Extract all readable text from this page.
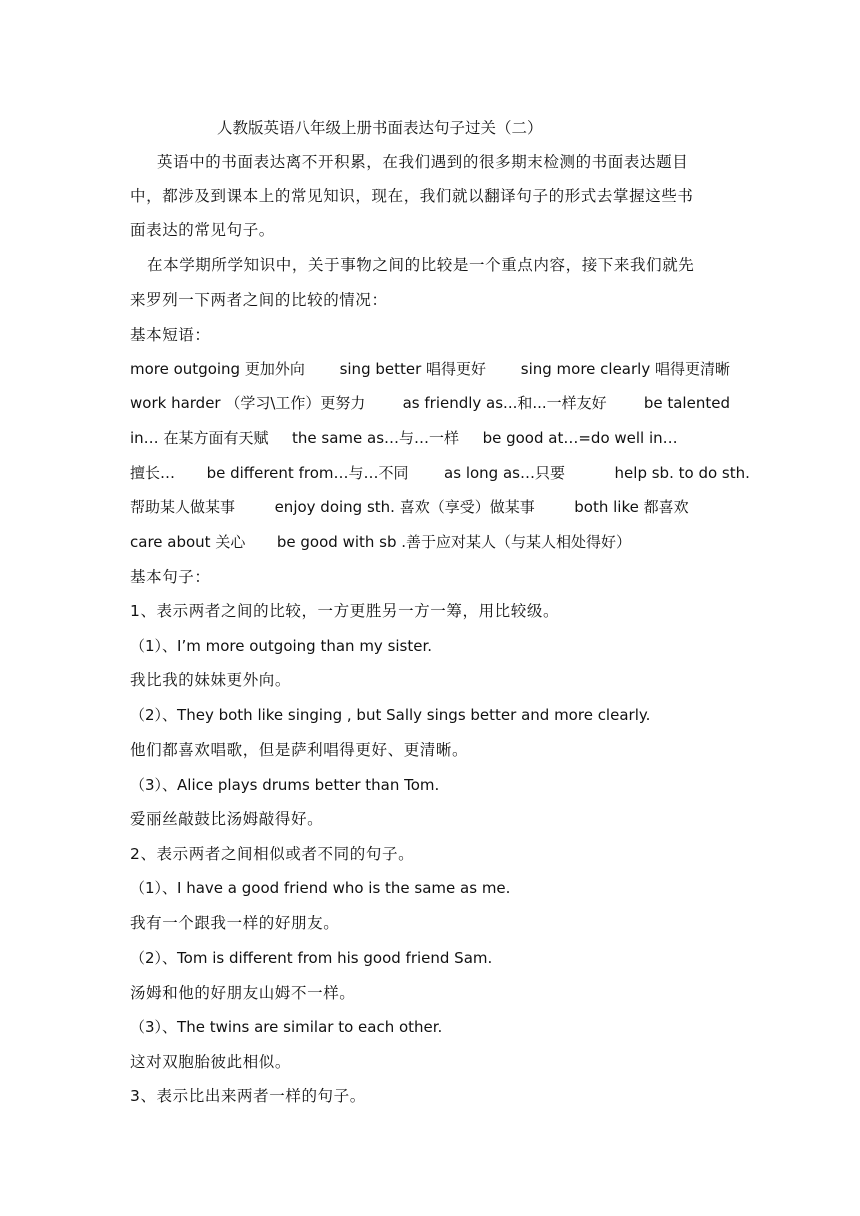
人教版英语八年级上册书面表达句子过关（二）
英语中的书面表达离不开积累，在我们遇到的很多期末检测的书面表达题目
中，都涉及到课本上的常见知识，现在，我们就以翻译句子的形式去掌握这些书
面表达的常见句子。
在本学期所学知识中，关于事物之间的比较是一个重点内容，接下来我们就先
来罗列一下两者之间的比较的情况：
基本短语：
more outgoing 更加外向 sing better 唱得更好 sing more clearly 唱得更清晰
work harder （学习\工作）更努力 as friendly as...和...一样友好 be talented
in… 在某方面有天赋 the same as…与…一样 be good at…=do well in…
擅长… be different from…与…不同 as long as…只要	help sb. to do sth.
帮助某人做某事	enjoy doing sth. 喜欢（享受）做某事	both like 都喜欢
care about 关心 be good with sb .善于应对某人（与某人相处得好）
基本句子：
1、表示两者之间的比较，一方更胜另一方一筹，用比较级。
（1）、I’m more outgoing than my sister.
我比我的妹妹更外向。
（2）、They both like singing , but Sally sings better and more clearly.
他们都喜欢唱歌，但是萨利唱得更好、更清晰。
（3）、Alice plays drums better than Tom.
爱丽丝敲鼓比汤姆敲得好。
2、表示两者之间相似或者不同的句子。
（1）、I have a good friend who is the same as me.
我有一个跟我一样的好朋友。
（2）、Tom is different from his good friend Sam.
汤姆和他的好朋友山姆不一样。
（3）、The twins are similar to each other.
这对双胞胎彼此相似。
3、表示比出来两者一样的句子。
